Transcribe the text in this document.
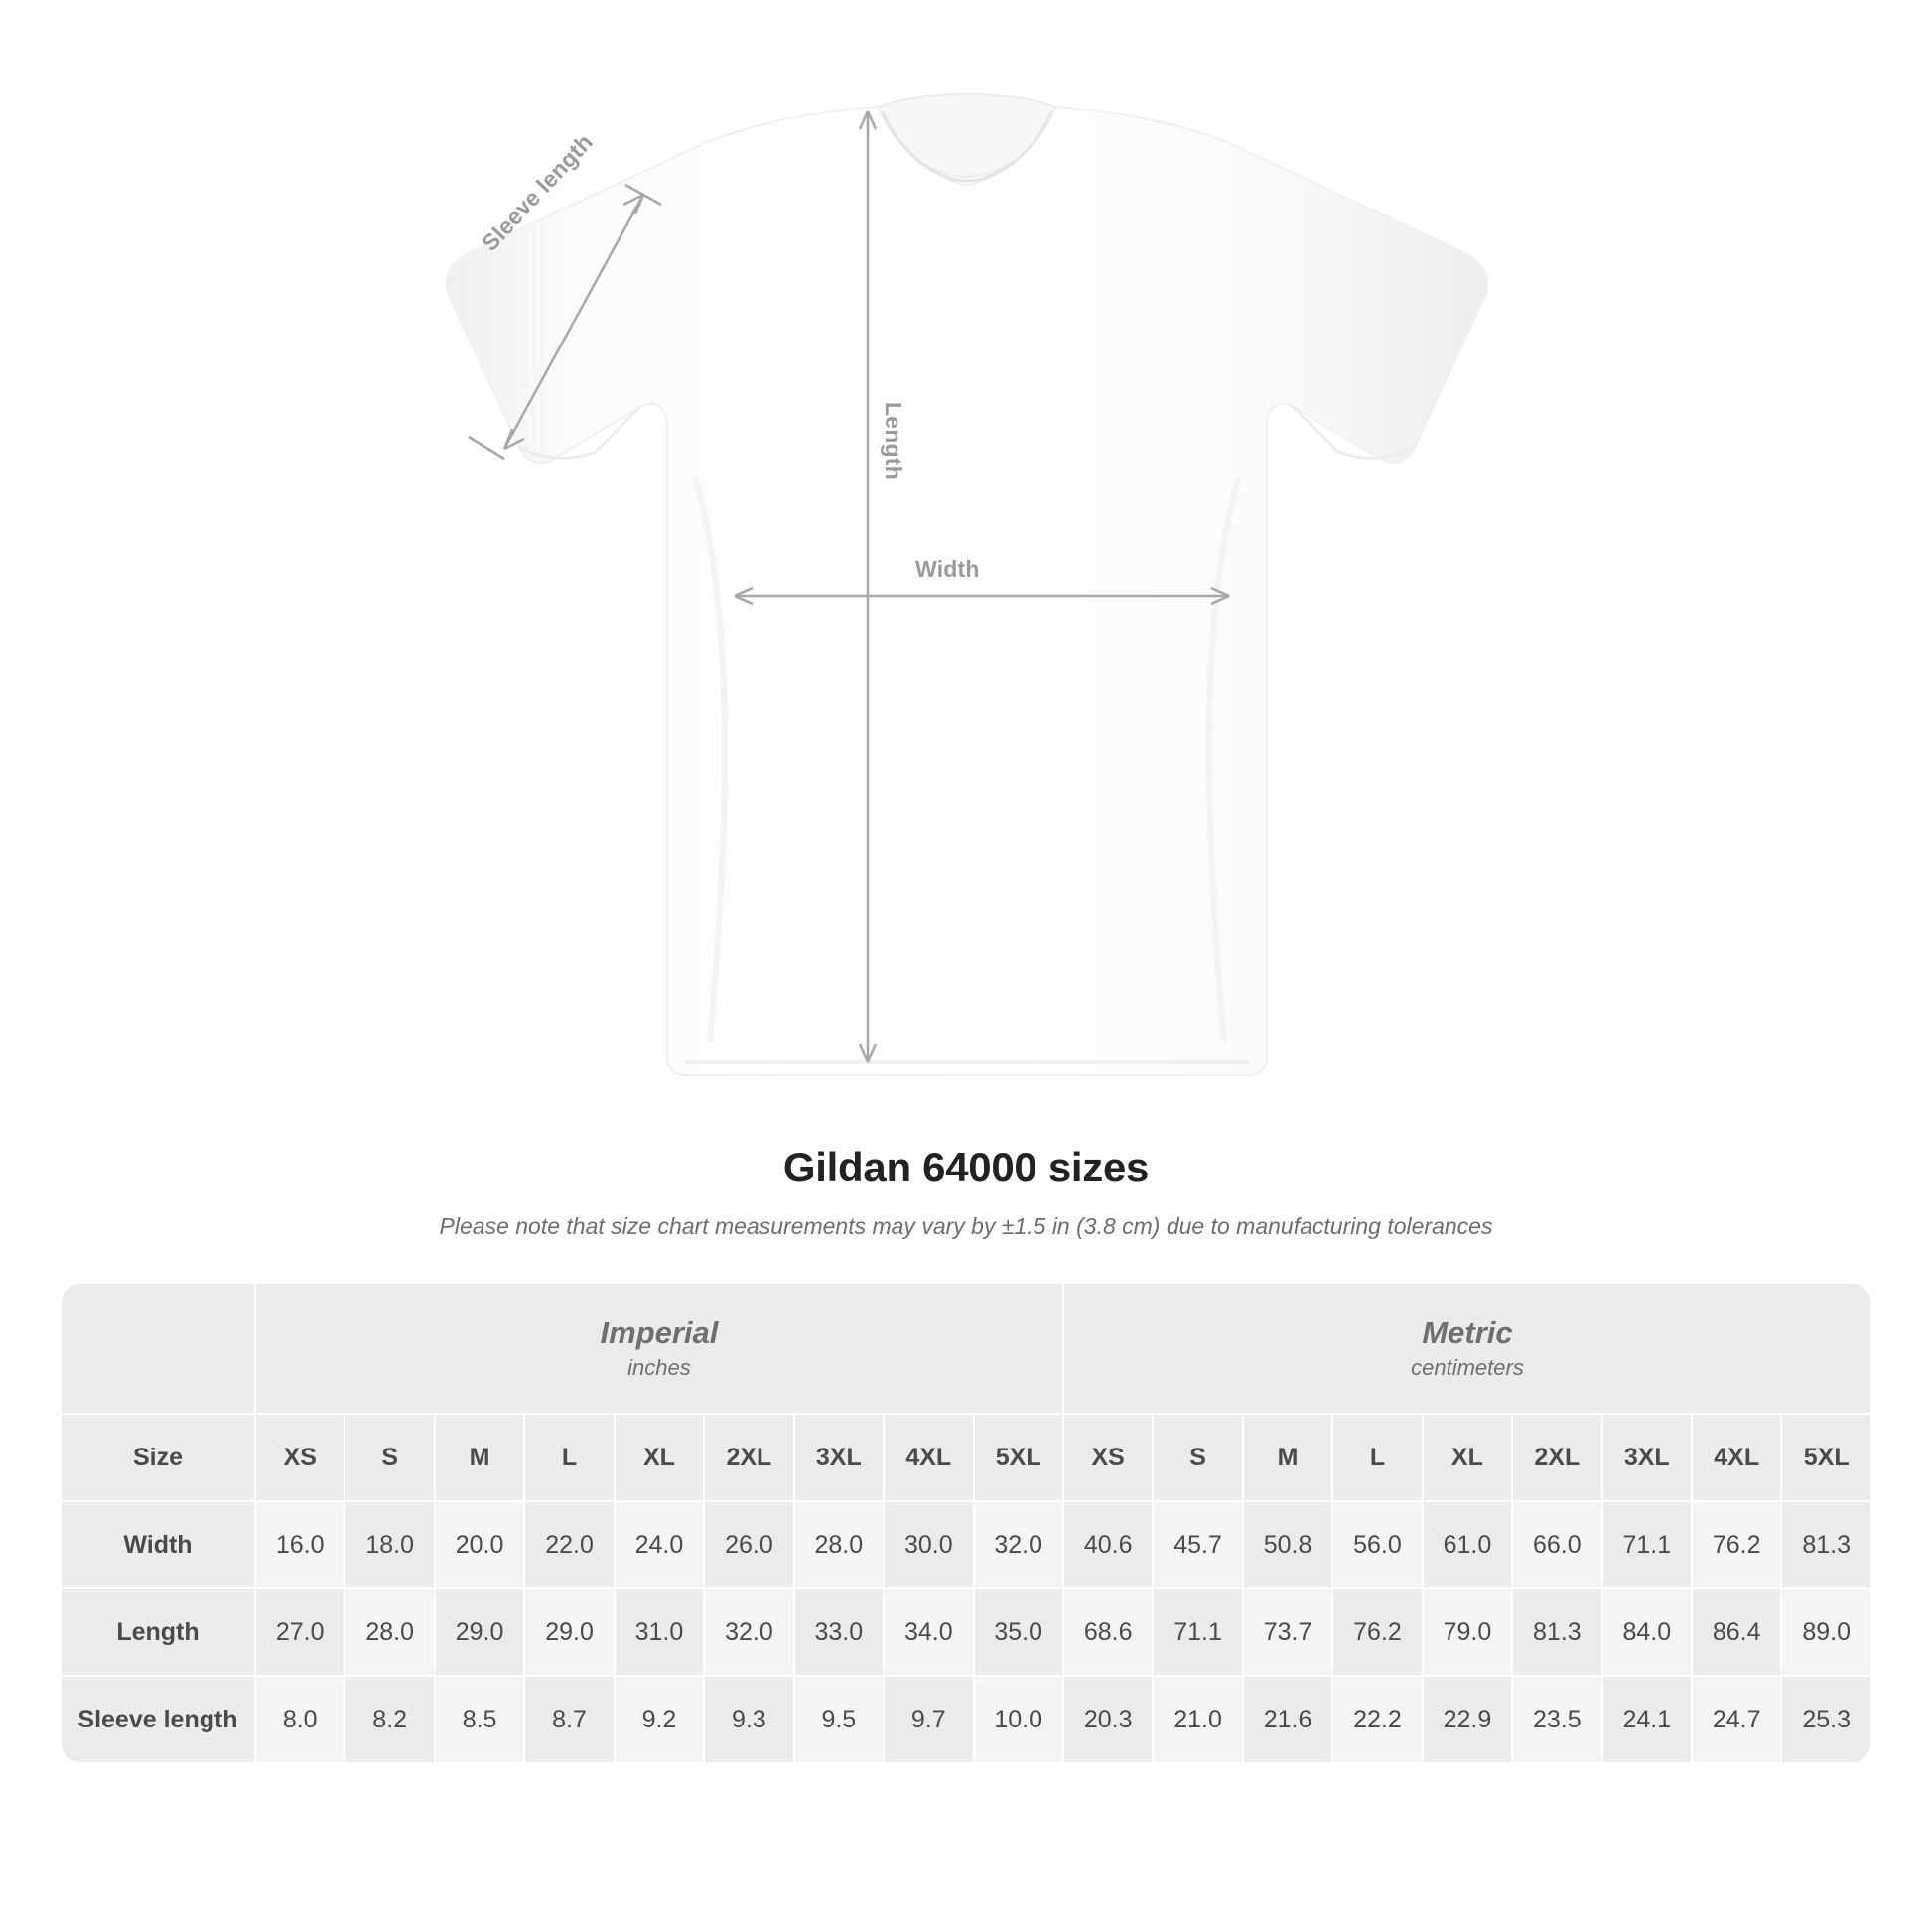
Length
Width
Sleeve length
Gildan 64000 sizes
Please note that size chart measurements may vary by ±1.5 in (3.8 cm) due to manufacturing tolerances

Imperial
inches

Metric
centimeters

Size	XS	S	M	L	XL	2XL	3XL	4XL	5XL	XS	S	M	L	XL	2XL	3XL	4XL	5XL
Width	16.0	18.0	20.0	22.0	24.0	26.0	28.0	30.0	32.0	40.6	45.7	50.8	56.0	61.0	66.0	71.1	76.2	81.3
Length	27.0	28.0	29.0	29.0	31.0	32.0	33.0	34.0	35.0	68.6	71.1	73.7	76.2	79.0	81.3	84.0	86.4	89.0
Sleeve length	8.0	8.2	8.5	8.7	9.2	9.3	9.5	9.7	10.0	20.3	21.0	21.6	22.2	22.9	23.5	24.1	24.7	25.3
